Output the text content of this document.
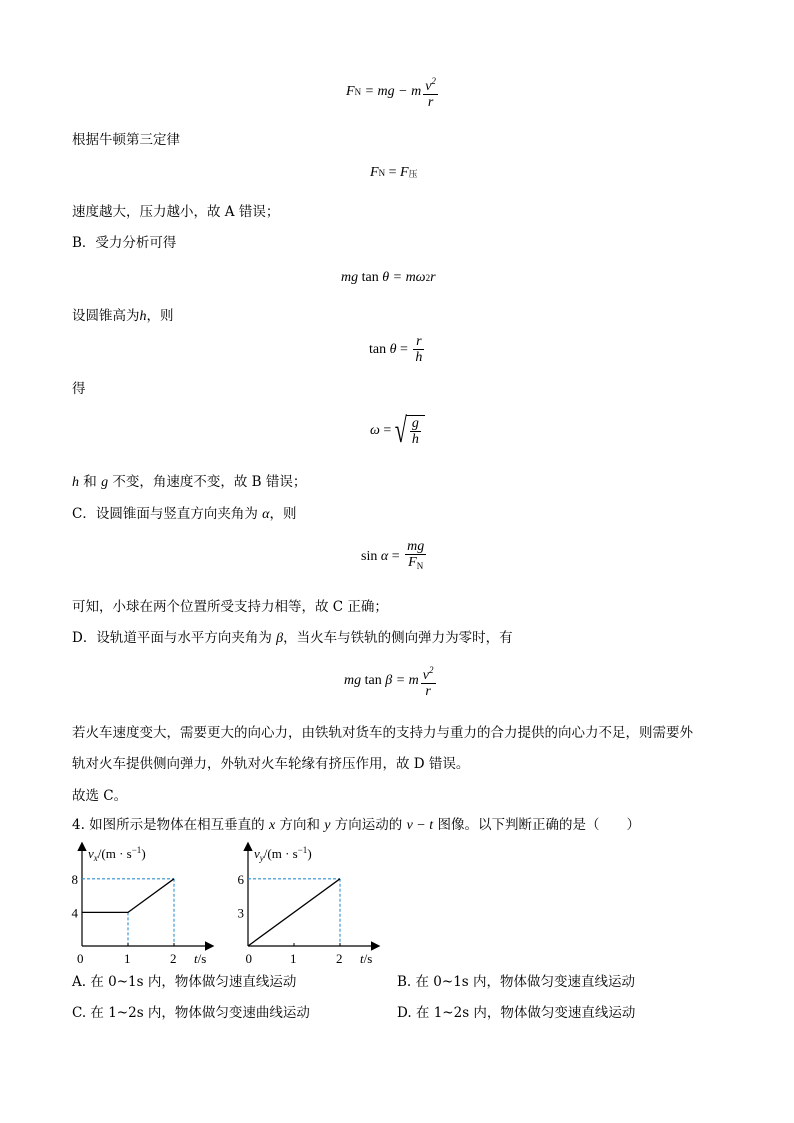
F N = mg − m $\frac{v^2}{r}$
根据牛顿第三定律
F N = F 压
速度越大，压力越小，故 A 错误；
B．受力分析可得
mg tan θ = mω 2 r
设圆锥高为h，则
$\tan \theta = \frac{r}{h}$
得
ω = √ $\frac{g}{h}$
h 和 g 不变，角速度不变，故 B 错误；
C．设圆锥面与竖直方向夹角为 α，则
$\sin \alpha = \frac{mg}{F_N}$
可知，小球在两个位置所受支持力相等，故 C 正确；
D．设轨道平面与水平方向夹角为 β，当火车与铁轨的侧向弹力为零时，有
mg tan β = m $\frac{v^2}{r}$
若火车速度变大，需要更大的向心力，由铁轨对货车的支持力与重力的合力提供的向心力不足，则需要外
轨对火车提供侧向弹力，外轨对火车轮缘有挤压作用，故 D 错误。
故选 C。
4. 如图所示是物体在相互垂直的 x 方向和 y 方向运动的 v − t 图像。以下判断正确的是（　　）
$v_x/(m \cdot s^{-1})$
t/s
0	1	2
4
8
$v_y/(m \cdot s^{-1})$
t/s
1	2
0
3
6
A. 在 0~1s 内，物体做匀速直线运动	B. 在 0~1s 内，物体做匀变速直线运动
C. 在 1~2s 内，物体做匀变速曲线运动	D. 在 1~2s 内，物体做匀变速直线运动
